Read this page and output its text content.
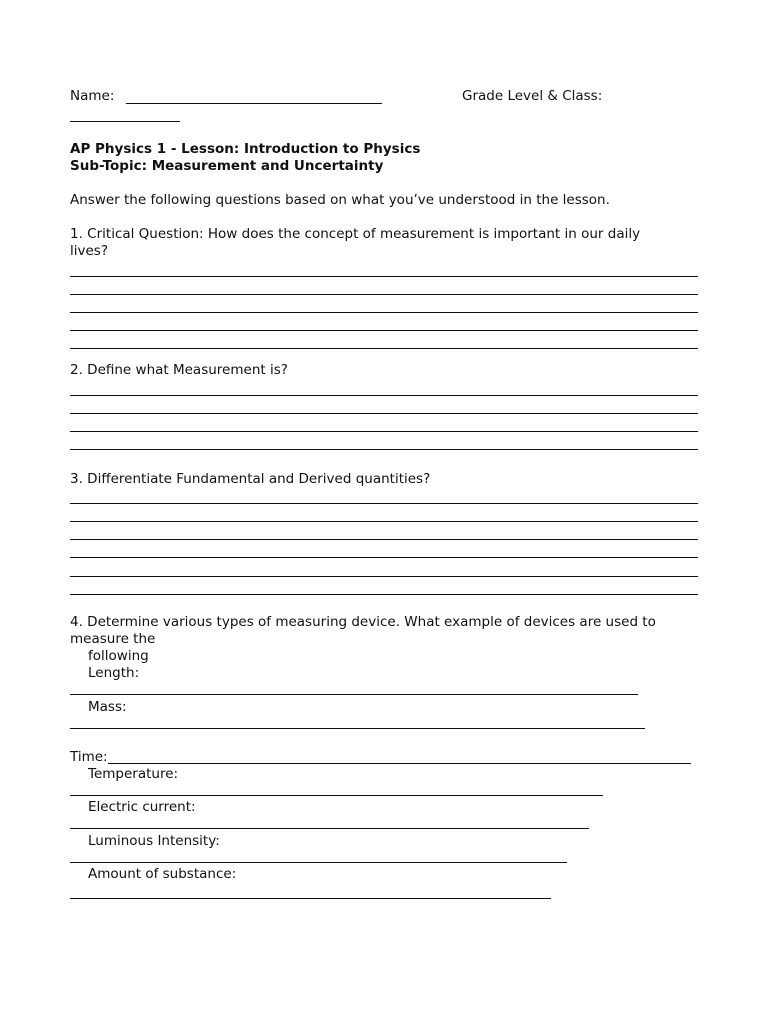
Name:	Grade Level & Class:
AP Physics 1 - Lesson: Introduction to Physics
Sub-Topic: Measurement and Uncertainty
Answer the following questions based on what you’ve understood in the lesson.
1. Critical Question: How does the concept of measurement is important in our daily
lives?
2. Define what Measurement is?
3. Differentiate Fundamental and Derived quantities?
4. Determine various types of measuring device. What example of devices are used to
measure the
following
Length:
Mass:
Time:
Temperature:
Electric current:
Luminous Intensity:
Amount of substance:
